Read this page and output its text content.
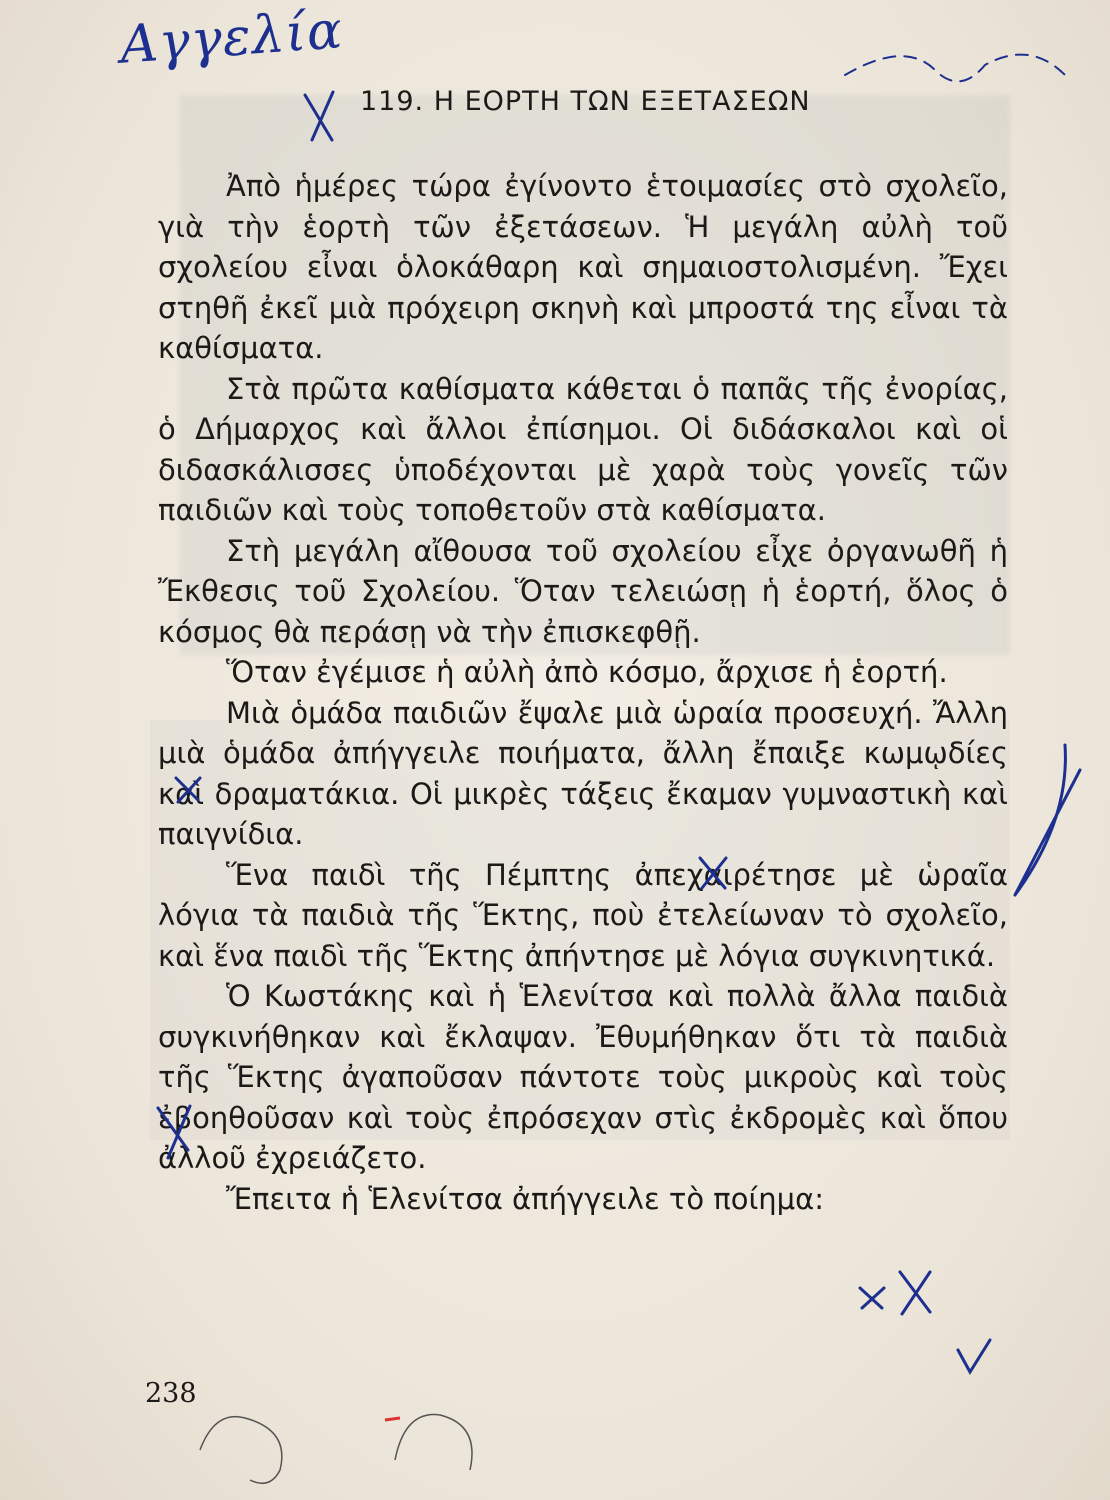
Αγγελία
119. Η ΕΟΡΤΗ ΤΩΝ ΕΞΕΤΑΣΕΩΝ

Ἀπὸ ἡμέρες τώρα ἐγίνοντο ἑτοιμασίες στὸ σχολεῖο, γιὰ τὴν ἑορτὴ τῶν ἐξετάσεων. Ἡ μεγάλη αὐλὴ τοῦ σχολείου εἶναι ὁλοκάθαρη καὶ σημαιοστολισμένη. Ἔχει στηθῆ ἐκεῖ μιὰ πρόχειρη σκηνὴ καὶ μπροστά της εἶναι τὰ καθίσματα.

Στὰ πρῶτα καθίσματα κάθεται ὁ παπᾶς τῆς ἐνορίας, ὁ Δήμαρχος καὶ ἄλλοι ἐπίσημοι. Οἱ διδάσκαλοι καὶ οἱ διδασκάλισσες ὑποδέχονται μὲ χαρὰ τοὺς γονεῖς τῶν παιδιῶν καὶ τοὺς τοποθετοῦν στὰ καθίσματα.

Στὴ μεγάλη αἴθουσα τοῦ σχολείου εἶχε ὀργανωθῆ ἡ Ἔκθεσις τοῦ Σχολείου. Ὅταν τελειώσῃ ἡ ἑορτή, ὅλος ὁ κόσμος θὰ περάσῃ νὰ τὴν ἐπισκεφθῇ.

Ὅταν ἐγέμισε ἡ αὐλὴ ἀπὸ κόσμο, ἄρχισε ἡ ἑορτή.

Μιὰ ὁμάδα παιδιῶν ἔψαλε μιὰ ὡραία προσευχή. Ἄλλη μιὰ ὁμάδα ἀπήγγειλε ποιήματα, ἄλλη ἔπαιξε κωμῳδίες καὶ δραματάκια. Οἱ μικρὲς τάξεις ἔκαμαν γυμναστικὴ καὶ παιγνίδια.

Ἕνα παιδὶ τῆς Πέμπτης ἀπεχαιρέτησε μὲ ὡραῖα λόγια τὰ παιδιὰ τῆς Ἕκτης, ποὺ ἐτελείωναν τὸ σχολεῖο, καὶ ἕνα παιδὶ τῆς Ἕκτης ἀπήντησε μὲ λόγια συγκινητικά.

Ὁ Κωστάκης καὶ ἡ Ἑλενίτσα καὶ πολλὰ ἄλλα παιδιὰ συγκινήθηκαν καὶ ἔκλαψαν. Ἐθυμήθηκαν ὅτι τὰ παιδιὰ τῆς Ἕκτης ἀγαποῦσαν πάντοτε τοὺς μικροὺς καὶ τοὺς ἐβοηθοῦσαν καὶ τοὺς ἐπρόσεχαν στὶς ἐκδρομὲς καὶ ὅπου ἀλλοῦ ἐχρειάζετο.

Ἔπειτα ἡ Ἑλενίτσα ἀπήγγειλε τὸ ποίημα:

238
